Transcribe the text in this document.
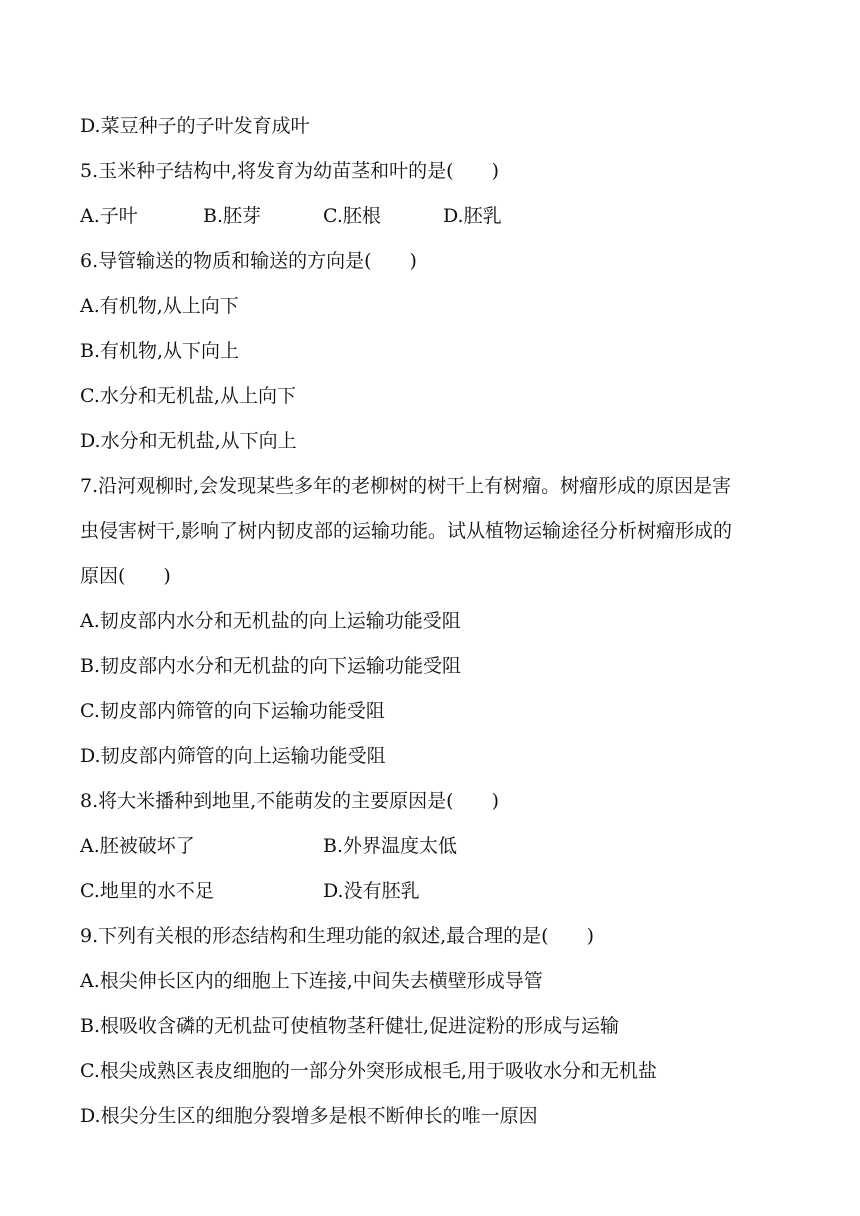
D.菜豆种子的子叶发育成叶
5.玉米种子结构中,将发育为幼苗茎和叶的是(　　)
A.子叶	B.胚芽	C.胚根	D.胚乳
6.导管输送的物质和输送的方向是(　　)
A.有机物,从上向下
B.有机物,从下向上
C.水分和无机盐,从上向下
D.水分和无机盐,从下向上
7.沿河观柳时,会发现某些多年的老柳树的树干上有树瘤。树瘤形成的原因是害
虫侵害树干,影响了树内韧皮部的运输功能。试从植物运输途径分析树瘤形成的
原因(　　)
A.韧皮部内水分和无机盐的向上运输功能受阻
B.韧皮部内水分和无机盐的向下运输功能受阻
C.韧皮部内筛管的向下运输功能受阻
D.韧皮部内筛管的向上运输功能受阻
8.将大米播种到地里,不能萌发的主要原因是(　　)
A.胚被破坏了	B.外界温度太低
C.地里的水不足	D.没有胚乳
9.下列有关根的形态结构和生理功能的叙述,最合理的是(　　)
A.根尖伸长区内的细胞上下连接,中间失去横壁形成导管
B.根吸收含磷的无机盐可使植物茎秆健壮,促进淀粉的形成与运输
C.根尖成熟区表皮细胞的一部分外突形成根毛,用于吸收水分和无机盐
D.根尖分生区的细胞分裂增多是根不断伸长的唯一原因
